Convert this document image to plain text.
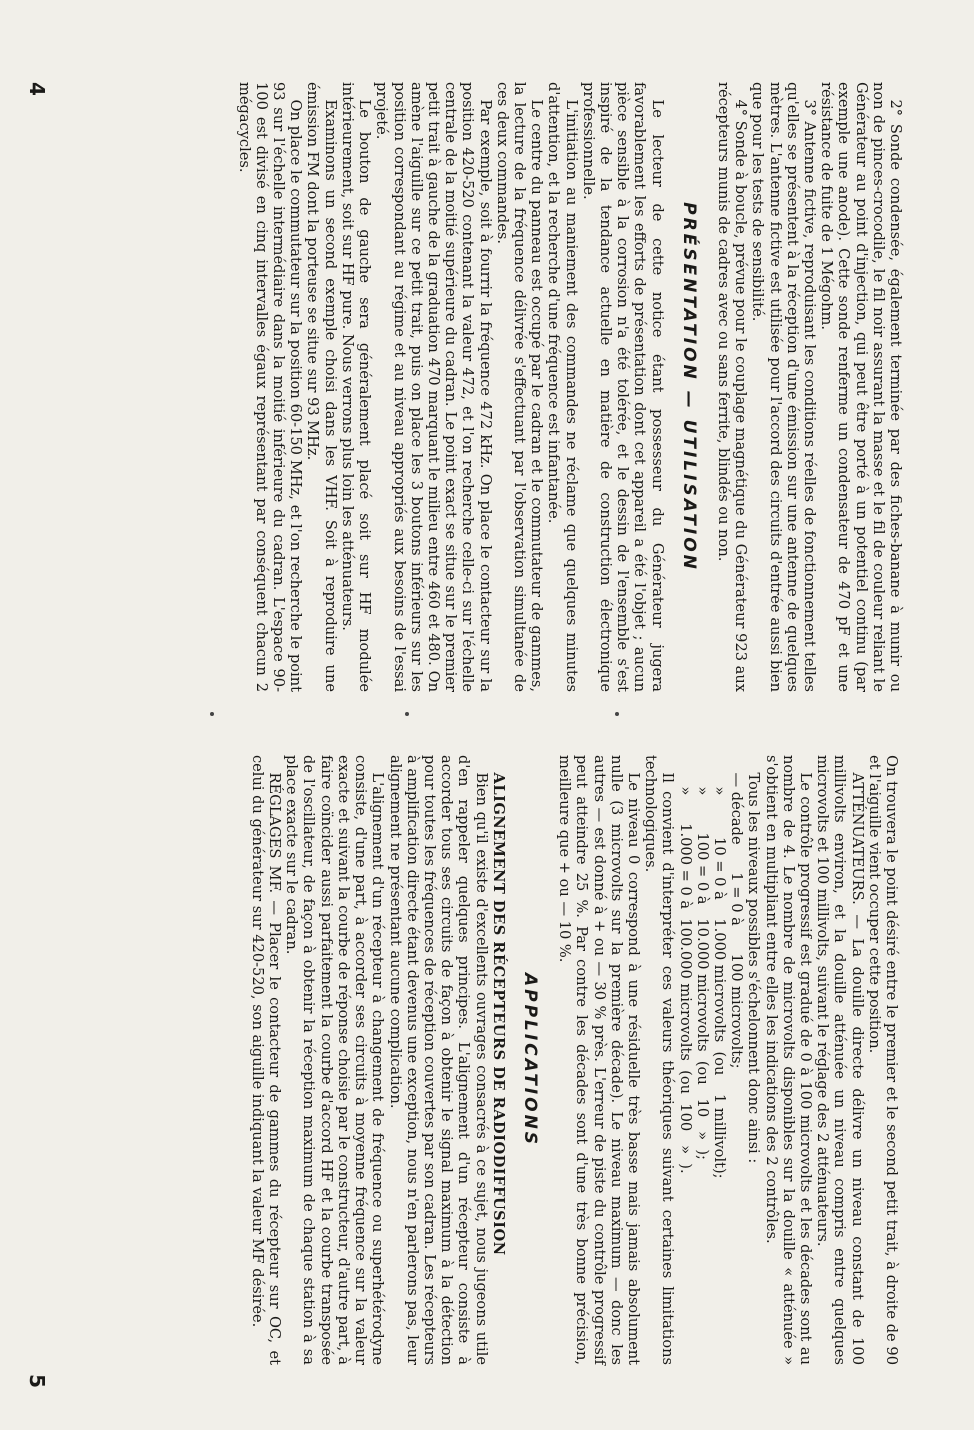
2° Sonde condensée, également terminée par des fiches-banane à munir ou non de pinces-crocodile, le fil noir assurant la masse et le fil de couleur reliant le Générateur au point d'injection, qui peut être porté à un potentiel continu (par exemple une anode). Cette sonde renferme un condensateur de 470 pF et une résistance de fuite de 1 Mégohm.

3° Antenne fictive, reproduisant les conditions réelles de fonctionnement telles qu'elles se présentent à la réception d'une émission sur une antenne de quelques mètres. L'antenne fictive est utilisée pour l'accord des circuits d'entrée aussi bien que pour les tests de sensibilité.

4° Sonde à boucle, prévue pour le couplage magnétique du Générateur 923 aux récepteurs munis de cadres avec ou sans ferrite, blindés ou non.

PRÉSENTATION — UTILISATION

Le lecteur de cette notice étant possesseur du Générateur jugera favorablement les efforts de présentation dont cet appareil a été l'objet ; aucun pièce sensible à la corrosion n'a été tolérée, et le dessin de l'ensemble s'est inspiré de la tendance actuelle en matière de construction électronique professionnelle.

L'initiation au maniement des commandes ne réclame que quelques minutes d'attention, et la recherche d'une fréquence est infantanée.

Le centre du panneau est occupé par le cadran et le commutateur de gammes, la lecture de la fréquence délivrée s'effectuant par l'observation simultanée de ces deux commandes.

Par exemple, soit à fourrir la fréquence 472 kHz. On place le contacteur sur la position 420-520 contenant la valeur 472, et l'on recherche celle-ci sur l'échelle centrale de la moitié supérieure du cadran. Le point exact se situe sur le premier petit trait à gauche de la graduation 470 marquant le milieu entre 460 et 480. On amène l'aiguille sur ce petit trait, puis on place les 3 boutons inférieurs sur les position correspondant au régime et au niveau appropriés aux besoins de l'essai projeté.

Le bouton de gauche sera généralement placé soit sur HF modulée intérieurement, soit sur HF pure. Nous verrons plus loin les atténuateurs.

Examinons un second exemple choisi dans les VHF. Soit à reproduire une émission FM dont la porteuse se situe sur 93 MHz.

On place le commutateur sur la position 60-150 MHz, et l'on recherche le point 93 sur l'échelle intermédiaire dans la moitié inférieure du cadran. L'espace 90-100 est divisé en cinq intervalles égaux représentant par conséquent chacun 2 mégacycles.

4

On trouvera le point désiré entre le premier et le second petit trait, à droite de 90 et l'aiguille vient occuper cette position.

ATTÉNUATEURS. — La douille directe délivre un niveau constant de 100 millivolts environ, et la douille atténuée un niveau compris entre quelques microvolts et 100 millivolts, suivant le réglage des 2 atténuateurs.

Le contrôle progressif est gradué de 0 à 100 microvolts et les décades sont au nombre de 4. Le nombre de microvolts disponibles sur la douille « atténuée » s'obtient en multipliant entre elles les indications des 2 contrôles.

Tous les niveaux possibles s'échelonnent donc ainsi :

— décade      1 = 0 à      100 microvolts;
»         10 = 0 à    1.000 microvolts  (ou    1 millivolt);
»        100 = 0 à   10.000 microvolts  (ou   10   »  );
»      1.000 = 0 à  100.000 microvolts  (ou  100   »  ).

Il convient d'interpréter ces valeurs théoriques suivant certaines limitations technologiques.

Le niveau 0 correspond à une résiduelle très basse mais jamais absolument nulle (3 microvolts sur la première décade). Le niveau maximum — donc les autres — est donné à + ou — 30 % près. L'erreur de piste du contrôle progressif peut atteindre 25 %. Par contre les décades sont d'une très bonne précision, meilleure que + ou — 10 %.

APPLICATIONS

ALIGNEMENT DES RÉCEPTEURS DE RADIODIFFUSION

Bien qu'il existe d'excellents ouvrages consacrés à ce sujet, nous jugeons utile d'en rappeler quelques principes. L'alignement d'un récepteur consiste à accorder tous ses circuits de façon à obtenir le signal maximum à la détection pour toutes les fréquences de réception couvertes par son cadran. Les récepteurs à amplification directe étant devenus une exception, nous n'en parlerons pas, leur alignement ne présentant aucune complication.

L'alignement d'un récepteur à changement de fréquence ou superhétérodyne consiste, d'une part, à accorder ses circuits à moyenne fréquence sur la valeur exacte et suivant la courbe de réponse choisie par le constructeur, d'autre part, à faire coïncider aussi parfaitement la courbe d'accord HF et la courbe transposée de l'oscillateur, de façon à obtenir la réception maximum de chaque station à sa place exacte sur le cadran.

RÉGLAGES MF. — Placer le contacteur de gammes du récepteur sur OC, et celui du générateur sur 420-520, son aiguille indiquant la valeur MF désirée.

5
